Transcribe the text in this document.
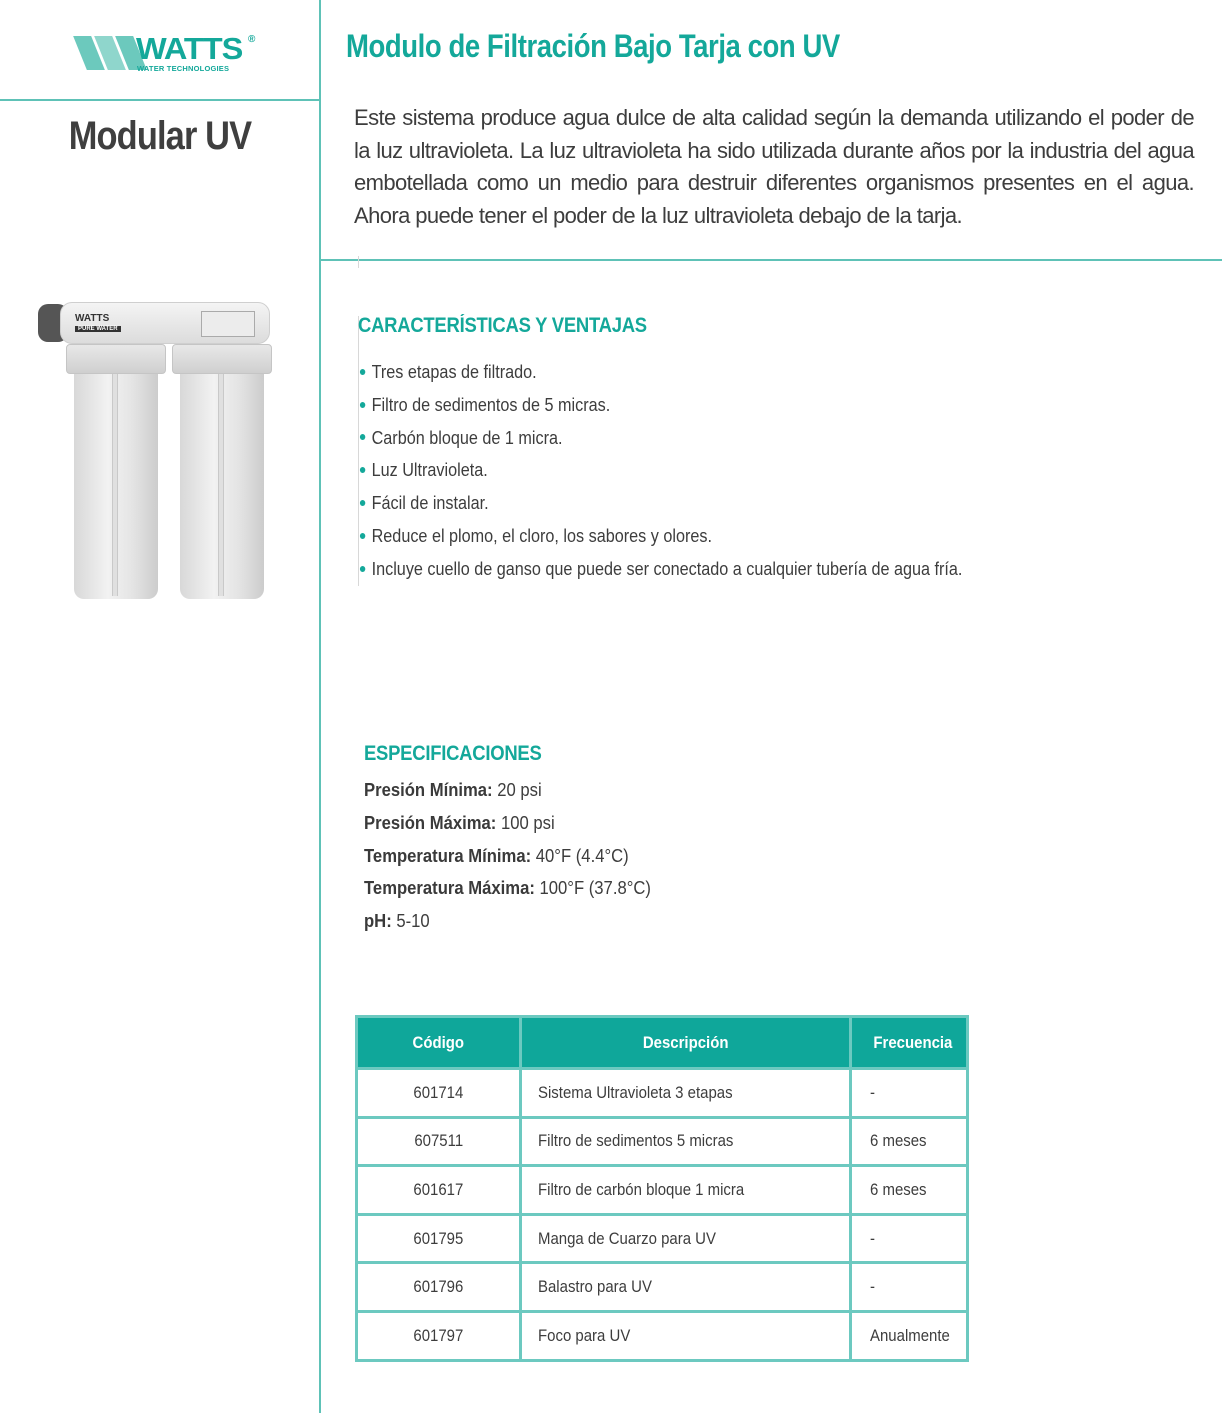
WATTS ®
WATER TECHNOLOGIES
Modular UV
WATTS
PURE WATER
Modulo de Filtración Bajo Tarja con UV

Este sistema produce agua dulce de alta calidad según la demanda utilizando el poder de la luz ultravioleta. La luz ultravioleta ha sido utilizada durante años por la industria del agua embotellada como un medio para destruir diferentes organismos presentes en el agua. Ahora puede tener el poder de la luz ultravioleta debajo de la tarja.

CARACTERÍSTICAS Y VENTAJAS
Tres etapas de filtrado.
Filtro de sedimentos de 5 micras.
Carbón bloque de 1 micra.
Luz Ultravioleta.
Fácil de instalar.
Reduce el plomo, el cloro, los sabores y olores.
Incluye cuello de ganso que puede ser conectado a cualquier tubería de agua fría.
ESPECIFICACIONES
Presión Mínima: 20 psi
Presión Máxima: 100 psi
Temperatura Mínima: 40°F (4.4°C)
Temperatura Máxima: 100°F (37.8°C)
pH: 5-10
Código	Descripción	Frecuencia
601714	Sistema Ultravioleta 3 etapas	-
607511	Filtro de sedimentos 5 micras	6 meses
601617	Filtro de carbón bloque 1 micra	6 meses
601795	Manga de Cuarzo para UV	-
601796	Balastro para UV	-
601797	Foco para UV	Anualmente
